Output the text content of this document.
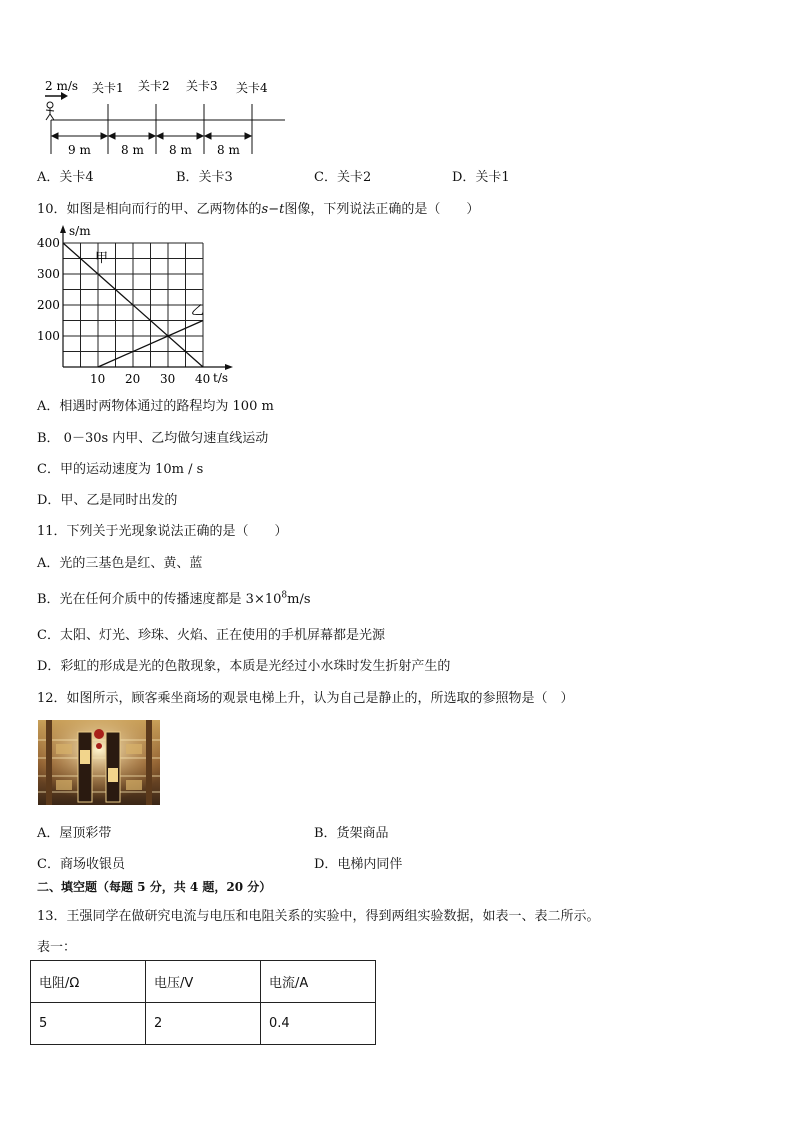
2 m/s 关卡1 关卡2 关卡3 关卡4
9 m	8 m 8 m 8 m
A．关卡4	B．关卡3	C．关卡2	D．关卡1
10．如图是相向而行的甲、乙两物体的s−t图像，下列说法正确的是（　　）
t/s
s/m
10 20 30 40
100
200
300
400
甲
乙
A．相遇时两物体通过的路程均为 100 m
B． 0－30s 内甲、乙均做匀速直线运动
C．甲的运动速度为 10m / s
D．甲、乙是同时出发的
11．下列关于光现象说法正确的是（　　）
A．光的三基色是红、黄、蓝
B．光在任何介质中的传播速度都是 $3\times 10^8m/s$
C．太阳、灯光、珍珠、火焰、正在使用的手机屏幕都是光源
D．彩虹的形成是光的色散现象，本质是光经过小水珠时发生折射产生的
12．如图所示，顾客乘坐商场的观景电梯上升，认为自己是静止的，所选取的参照物是（　）
A．屋顶彩带	B．货架商品
C．商场收银员	D．电梯内同伴
二、填空题（每题 5 分，共 4 题，20 分）
13．王强同学在做研究电流与电压和电阻关系的实验中，得到两组实验数据，如表一、表二所示。
表一：
电阻/Ω	电压/V	电流/A
5	2	0.4
